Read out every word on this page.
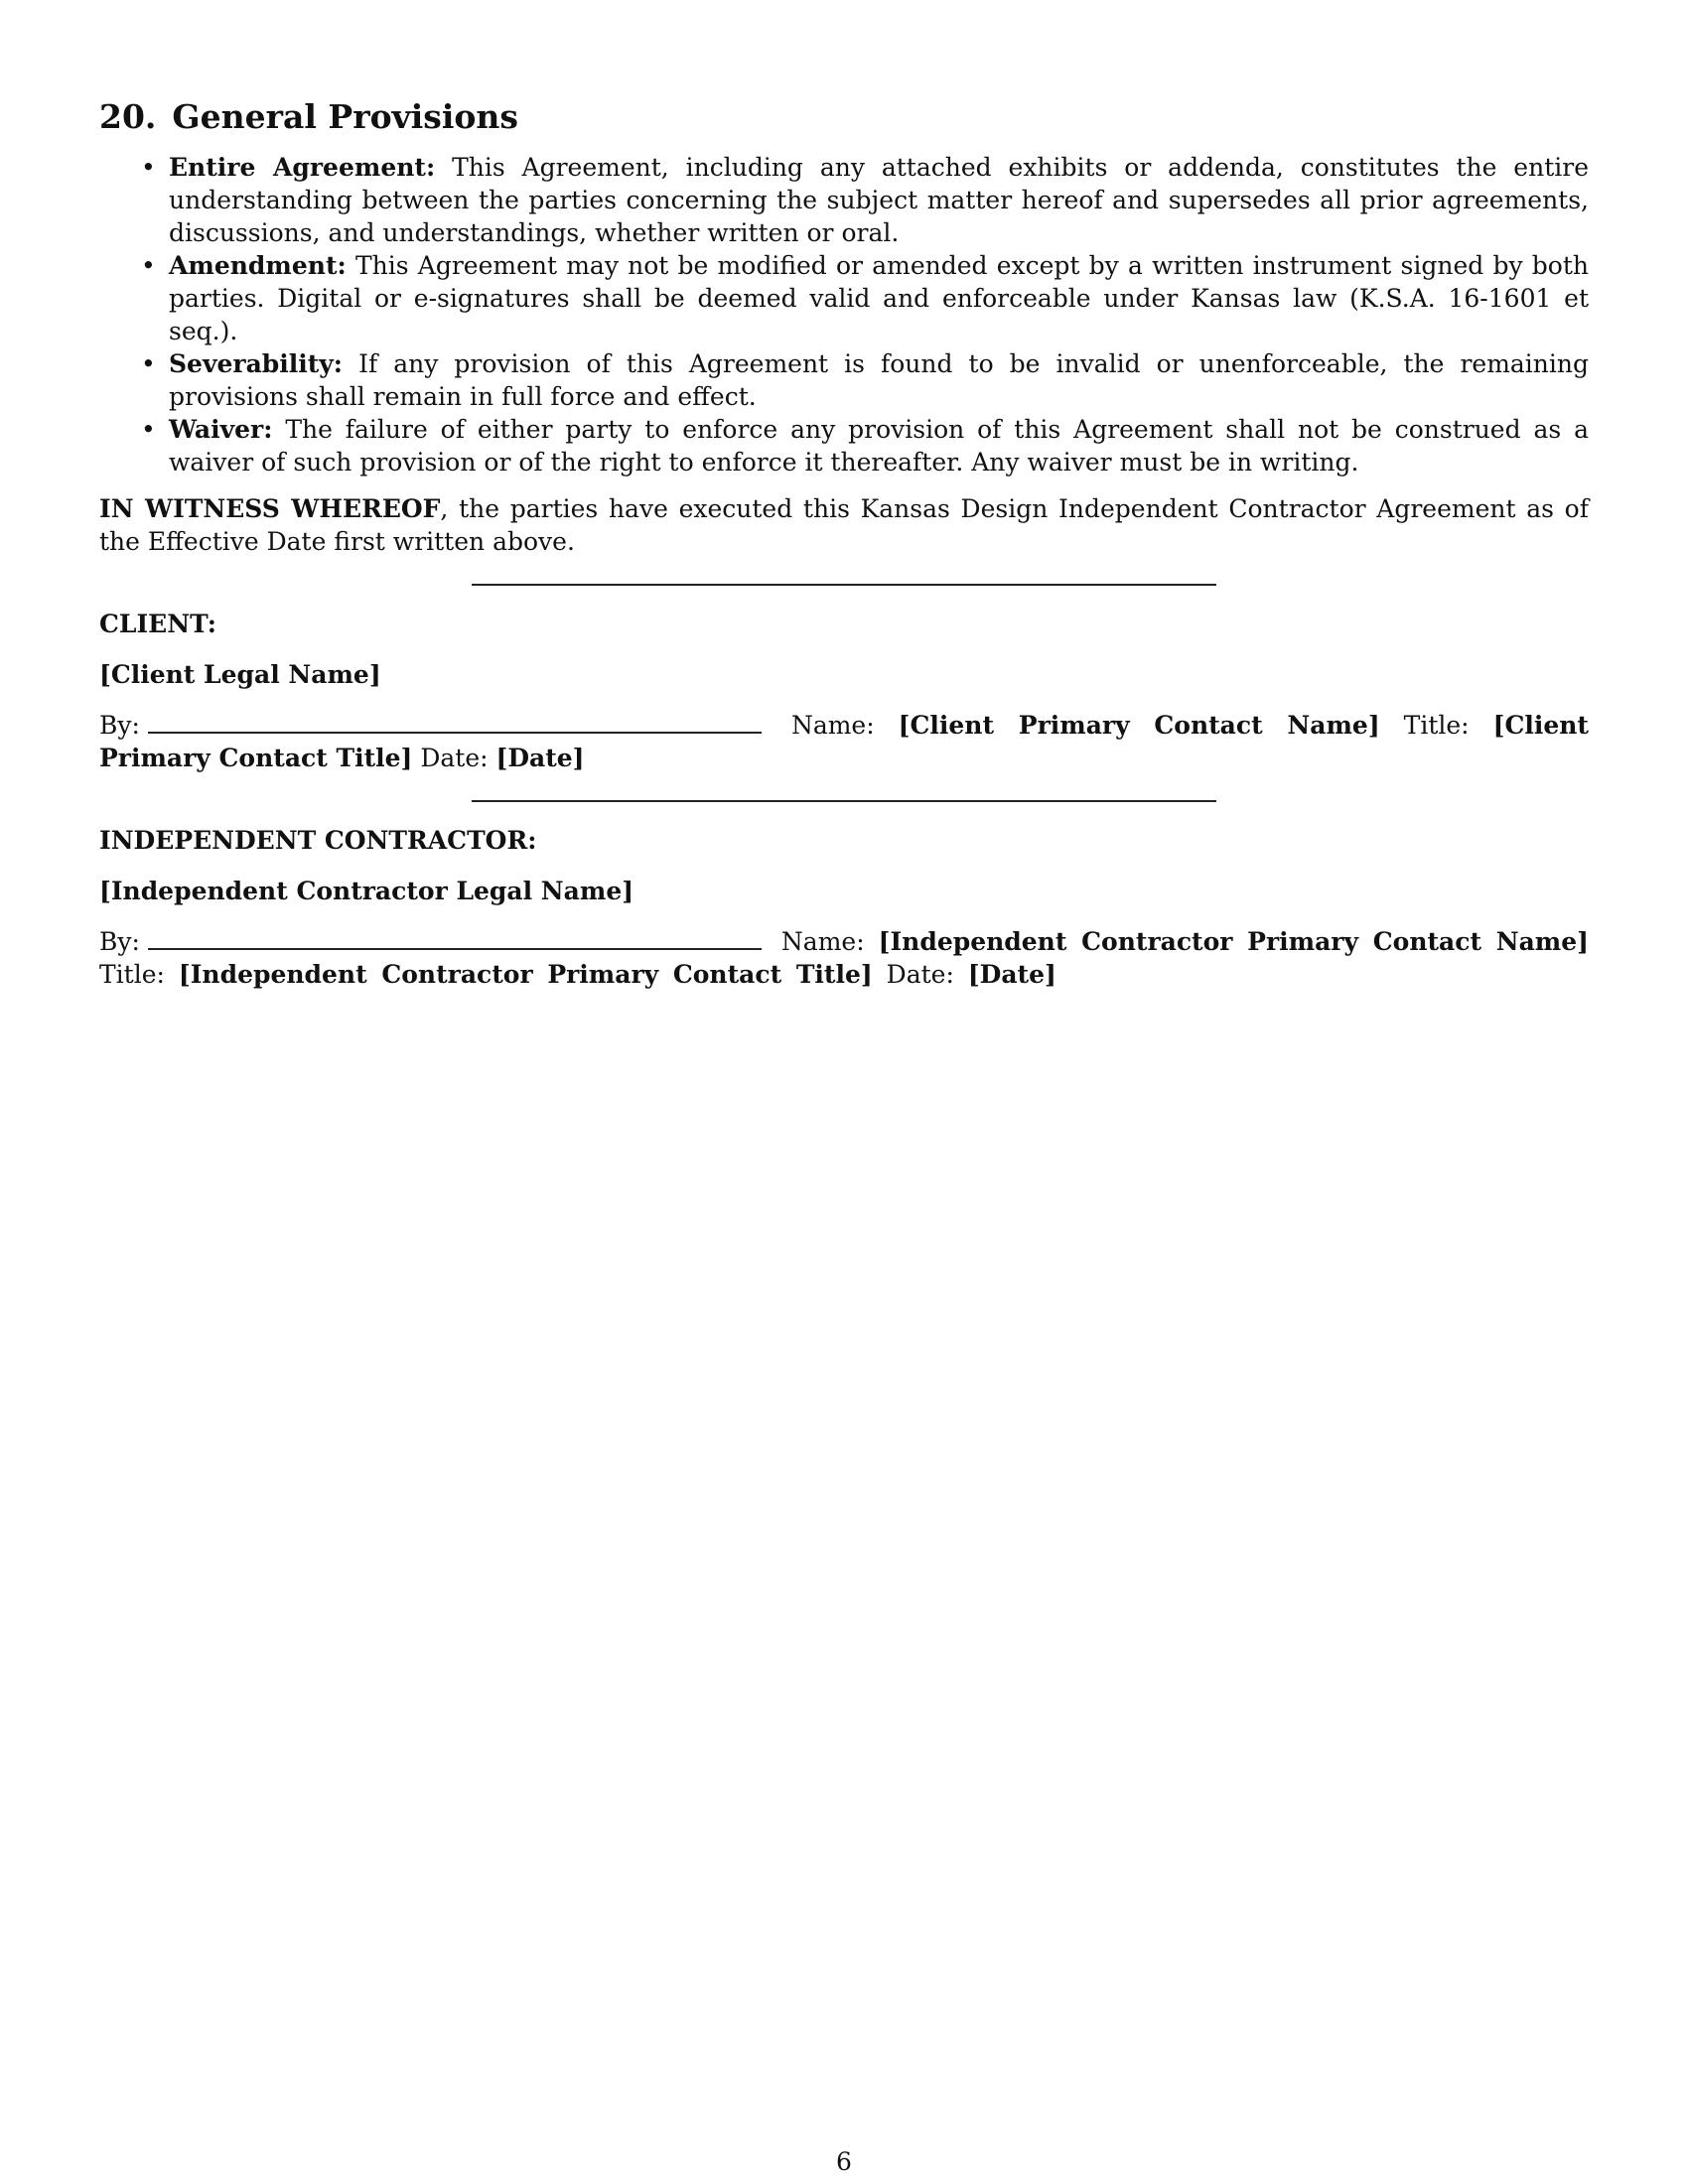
20. General Provisions
• Entire Agreement: This Agreement, including any attached exhibits or addenda, constitutes the entire understanding between the parties concerning the subject matter hereof and supersedes all prior agreements, discussions, and understandings, whether written or oral.
• Amendment: This Agreement may not be modified or amended except by a written instrument signed by both parties. Digital or e-signatures shall be deemed valid and enforceable under Kansas law (K.S.A. 16-1601 et seq.).
• Severability: If any provision of this Agreement is found to be invalid or unenforceable, the remaining provisions shall remain in full force and effect.
• Waiver: The failure of either party to enforce any provision of this Agreement shall not be construed as a waiver of such provision or of the right to enforce it thereafter. Any waiver must be in writing.

IN WITNESS WHEREOF, the parties have executed this Kansas Design Independent Contractor Agreement as of the Effective Date first written above.

CLIENT:
[Client Legal Name]
By:	Name: [Client Primary Contact Name] Title: [Client Primary Contact Title] Date: [Date]
INDEPENDENT CONTRACTOR:
[Independent Contractor Legal Name]
By:	Name: [Independent Contractor Primary Contact Name] Title: [Independent Contractor Primary Contact Title] Date: [Date]
6
